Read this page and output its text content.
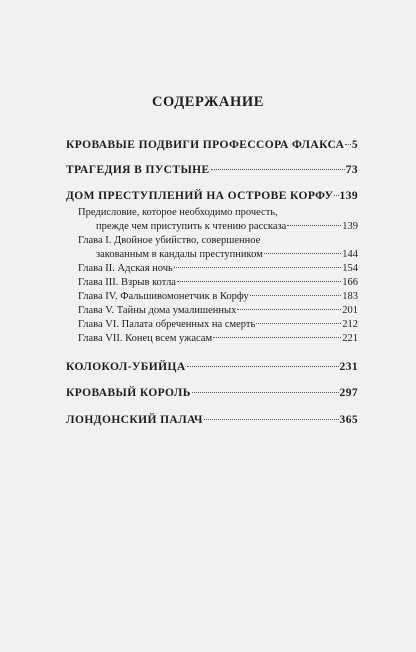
СОДЕРЖАНИЕ
КРОВАВЫЕ ПОДВИГИ ПРОФЕССОРА ФЛАКСА 5
ТРАГЕДИЯ В ПУСТЫНЕ	73
ДОМ ПРЕСТУПЛЕНИЙ НА ОСТРОВЕ КОРФУ 139
Предисловие, которое необходимо прочесть,
прежде чем приступить к чтению рассказа	139
Глава I. Двойное убийство, совершенное
закованным в кандалы преступником	144
Глава II. Адская ночь	154
Глава III. Взрыв котла	166
Глава IV. Фальшивомонетчик в Корфу	183
Глава V. Тайны дома умалишенных	201
Глава VI. Палата обреченных на смерть	212
Глава VII. Конец всем ужасам	221
КОЛОКОЛ-УБИЙЦА	231
КРОВАВЫЙ КОРОЛЬ	297
ЛОНДОНСКИЙ ПАЛАЧ	365
